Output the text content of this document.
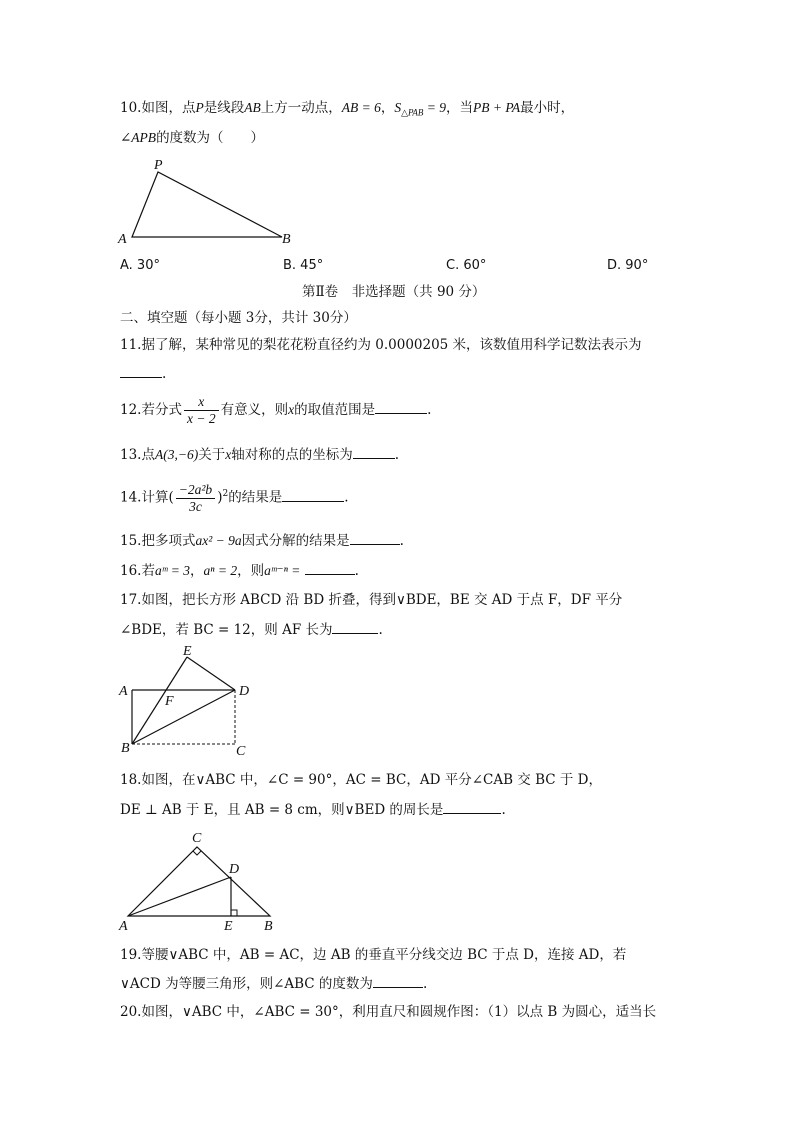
10.如图，点P是线段AB上方一动点，AB = 6，$S_{\triangle PAB} = 9$，当PB + PA最小时，
∠APB的度数为（　　）
P
A	B
A. 30°	B. 45°	C. 60°	D. 90°
第Ⅱ卷　非选择题（共 90 分）
二、填空题（每小题 3分，共计 30分）
11.据了解，某种常见的梨花花粉直径约为 0.0000205 米，该数值用科学记数法表示为
.
12.若分式 $\frac{x}{x - 2}$ 有意义，则x的取值范围是	.
13.点A(3,−6)关于x轴对称的点的坐标为	.
14.计算( $\frac{\text{−2a²b}}{3c} )^2$的结果是	.
15.把多项式ax² − 9a因式分解的结果是	.
16.若aᵐ = 3，aⁿ = 2，则aᵐ⁻ⁿ =	.
17.如图，把长方形 ABCD 沿 BD 折叠，得到∨BDE，BE 交 AD 于点 F，DF 平分
∠BDE，若 BC = 12，则 AF 长为	.
E
A
F
D
B	C
18.如图，在∨ABC 中，∠C = 90°，AC = BC，AD 平分∠CAB 交 BC 于 D，
DE ⊥ AB 于 E，且 AB = 8 cm，则∨BED 的周长是	.
C
D
A	E B
19.等腰∨ABC 中，AB = AC，边 AB 的垂直平分线交边 BC 于点 D，连接 AD，若
∨ACD 为等腰三角形，则∠ABC 的度数为	.
20.如图，∨ABC 中，∠ABC = 30°，利用直尺和圆规作图：（1）以点 B 为圆心，适当长
